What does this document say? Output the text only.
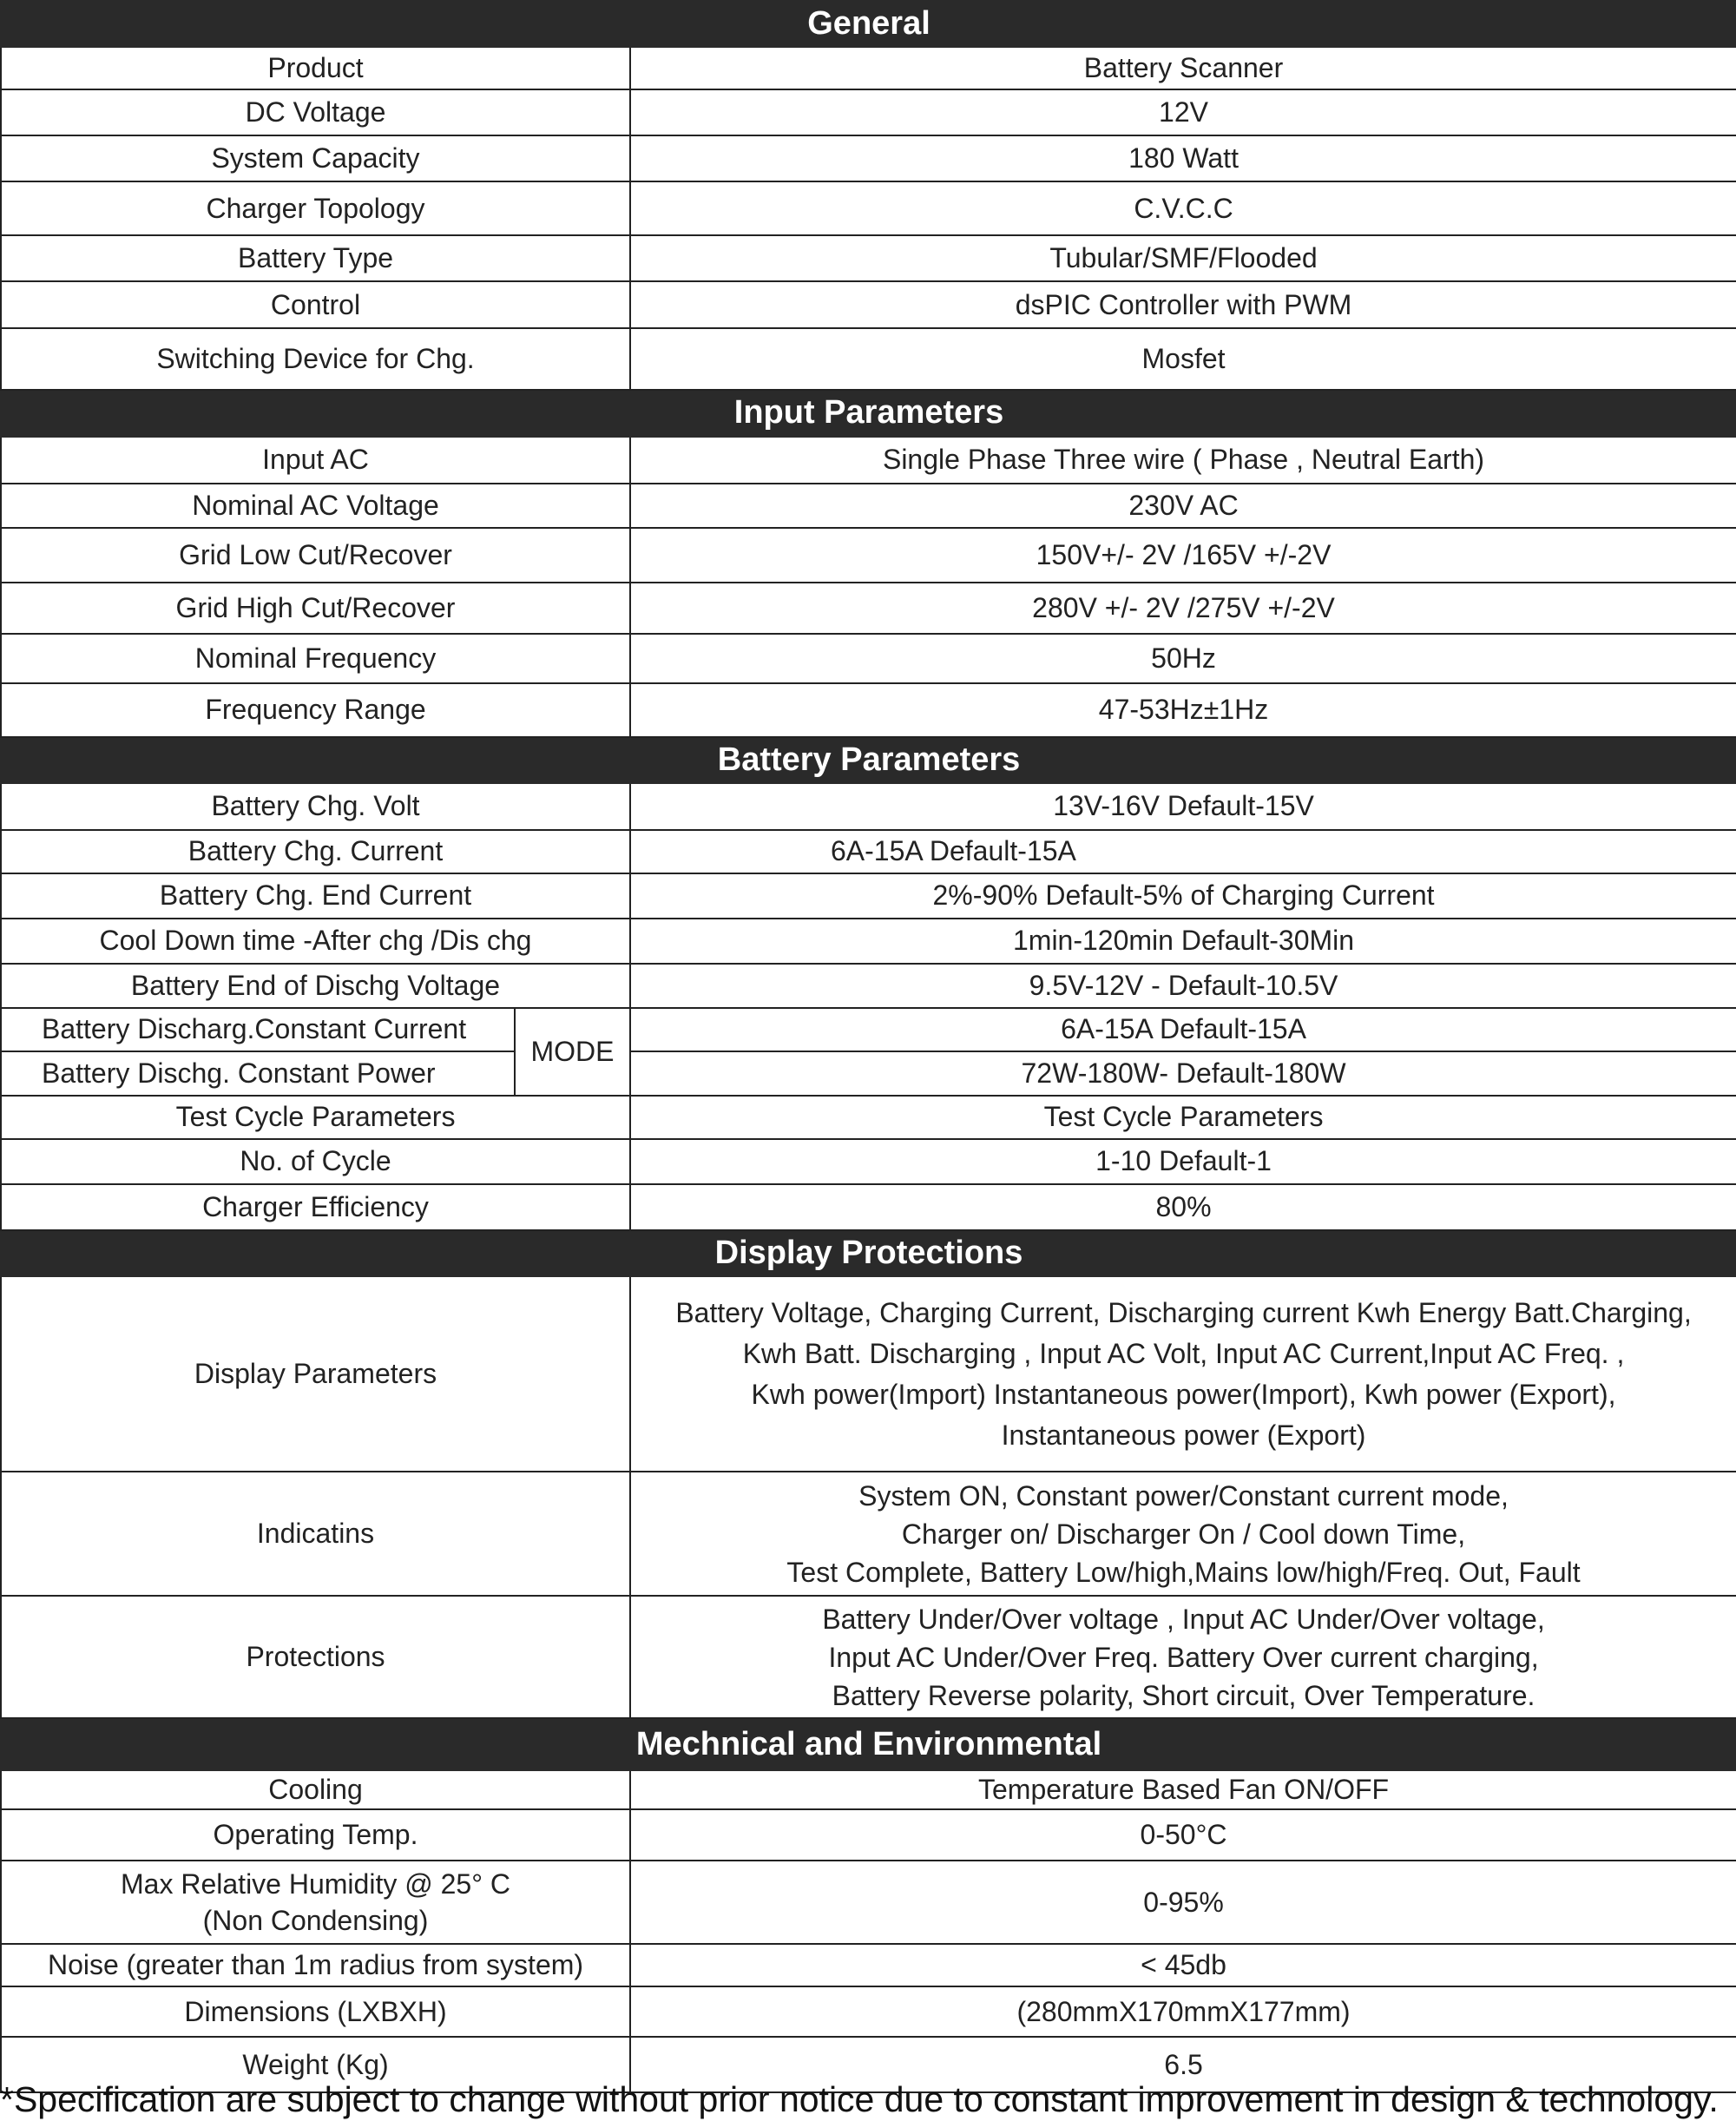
General		
Product		Battery Scanner
DC Voltage		12V
System Capacity		180 Watt
Charger Topology		C.V.C.C
Battery Type		Tubular/SMF/Flooded
Control		dsPIC Controller with PWM
Switching Device for Chg.		Mosfet
Input Parameters		
Input AC		Single Phase Three wire ( Phase , Neutral Earth)
Nominal AC Voltage		230V AC
Grid Low Cut/Recover		150V+/- 2V /165V +/-2V
Grid High Cut/Recover		280V +/- 2V /275V +/-2V
Nominal Frequency		50Hz
Frequency Range		47-53Hz±1Hz
Battery Parameters		
Battery Chg. Volt		13V-16V Default-15V
Battery Chg. Current		6A-15A Default-15A
Battery Chg. End Current		2%-90% Default-5% of Charging Current
Cool Down time -After chg /Dis chg		1min-120min Default-30Min
Battery End of Dischg Voltage		9.5V-12V - Default-10.5V
Battery Discharg.Constant Current	MODE	6A-15A Default-15A
Battery Dischg. Constant Power		72W-180W- Default-180W
Test Cycle Parameters		Test Cycle Parameters
No. of Cycle		1-10 Default-1
Charger Efficiency		80%
Display Protections		
Display Parameters		Battery Voltage, Charging Current, Discharging current Kwh Energy Batt.Charging,
Kwh Batt. Discharging , Input AC Volt, Input AC Current,Input AC Freq. ,
Kwh power(Import) Instantaneous power(Import), Kwh power (Export),
Instantaneous power (Export)

Indicatins		System ON, Constant power/Constant current mode,
Charger on/ Discharger On / Cool down Time,
Test Complete, Battery Low/high,Mains low/high/Freq. Out, Fault

Protections		Battery Under/Over voltage , Input AC Under/Over voltage,
Input AC Under/Over Freq. Battery Over current charging,
Battery Reverse polarity, Short circuit, Over Temperature.

Mechnical and Environmental		
Cooling		Temperature Based Fan ON/OFF
Operating Temp.		0-50°C

Max Relative Humidity @ 25° C
(Non Condensing)		0-95%
Noise (greater than 1m radius from system)		< 45db
Dimensions (LXBXH)		(280mmX170mmX177mm)
Weight (Kg)		6.5
*Specification are subject to change without prior notice due to constant improvement in design & technology.
